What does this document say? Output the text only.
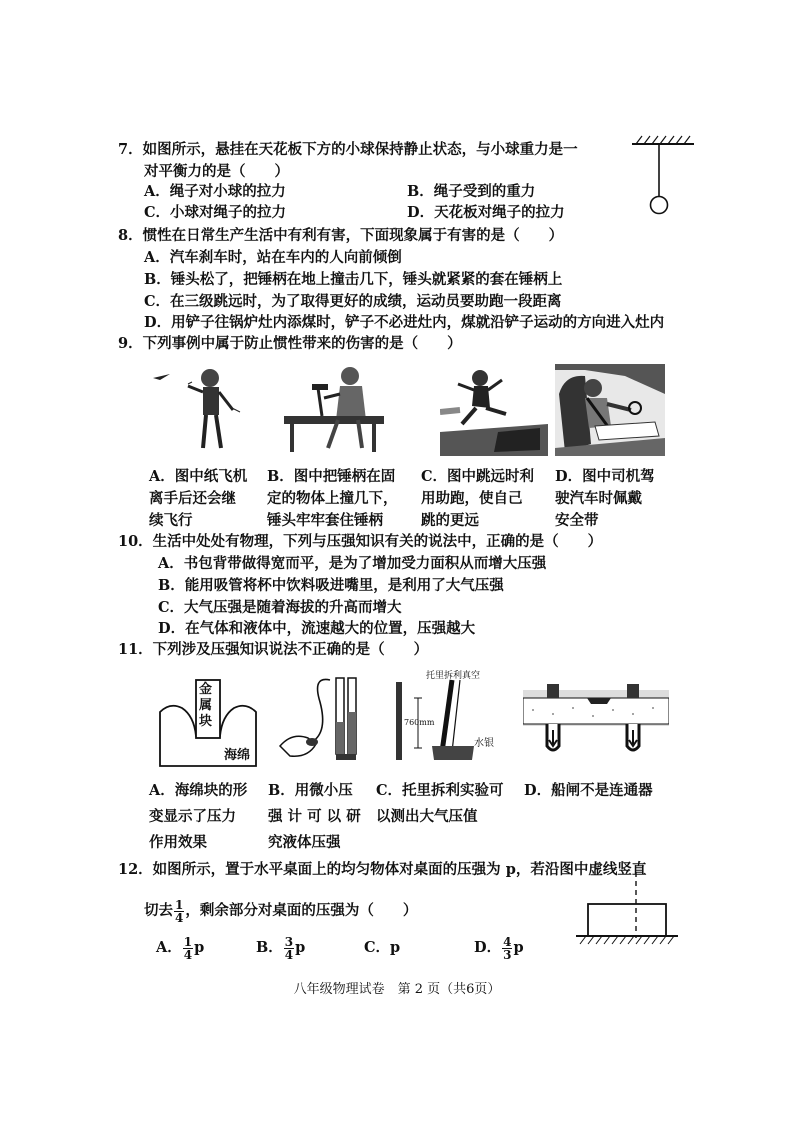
7．如图所示，悬挂在天花板下方的小球保持静止状态，与小球重力是一
对平衡力的是（　　）
A．绳子对小球的拉力	B．绳子受到的重力
C．小球对绳子的拉力	D．天花板对绳子的拉力
8．惯性在日常生产生活中有利有害，下面现象属于有害的是（　　）
A．汽车刹车时，站在车内的人向前倾倒
B．锤头松了，把锤柄在地上撞击几下，锤头就紧紧的套在锤柄上
C．在三级跳远时，为了取得更好的成绩，运动员要助跑一段距离
D．用铲子往锅炉灶内添煤时，铲子不必进灶内，煤就沿铲子运动的方向进入灶内
9．下列事例中属于防止惯性带来的伤害的是（　　）
A．图中纸飞机
离手后还会继
续飞行
B．图中把锤柄在固
定的物体上撞几下，
锤头牢牢套住锤柄
C．图中跳远时利
用助跑，使自己
跳的更远
D．图中司机驾
驶汽车时佩戴
安全带
10．生活中处处有物理，下列与压强知识有关的说法中，正确的是（　　）
A．书包背带做得宽而平，是为了增加受力面积从而增大压强
B．能用吸管将杯中饮料吸进嘴里，是利用了大气压强
C．大气压强是随着海拔的升高而增大
D．在气体和液体中，流速越大的位置，压强越大
11．下列涉及压强知识说法不正确的是（　　）
金
属
块
海绵
托里拆利真空
760mm
水银
A．海绵块的形
变显示了压力
作用效果
B．用微小压
强 计 可 以 研
究液体压强
C．托里拆利实验可
以测出大气压值
D．船闸不是连通器
12．如图所示，置于水平桌面上的均匀物体对桌面的压强为 p，若沿图中虚线竖直
切去 $\frac{1}{4}$ ，剩余部分对桌面的压强为（　　）
A． $\frac{1}{4}$ p	B． $\frac{3}{4}$ p	C．p	D． $\frac{4}{3}$ p
八年级物理试卷　第 2 页（共6页）
